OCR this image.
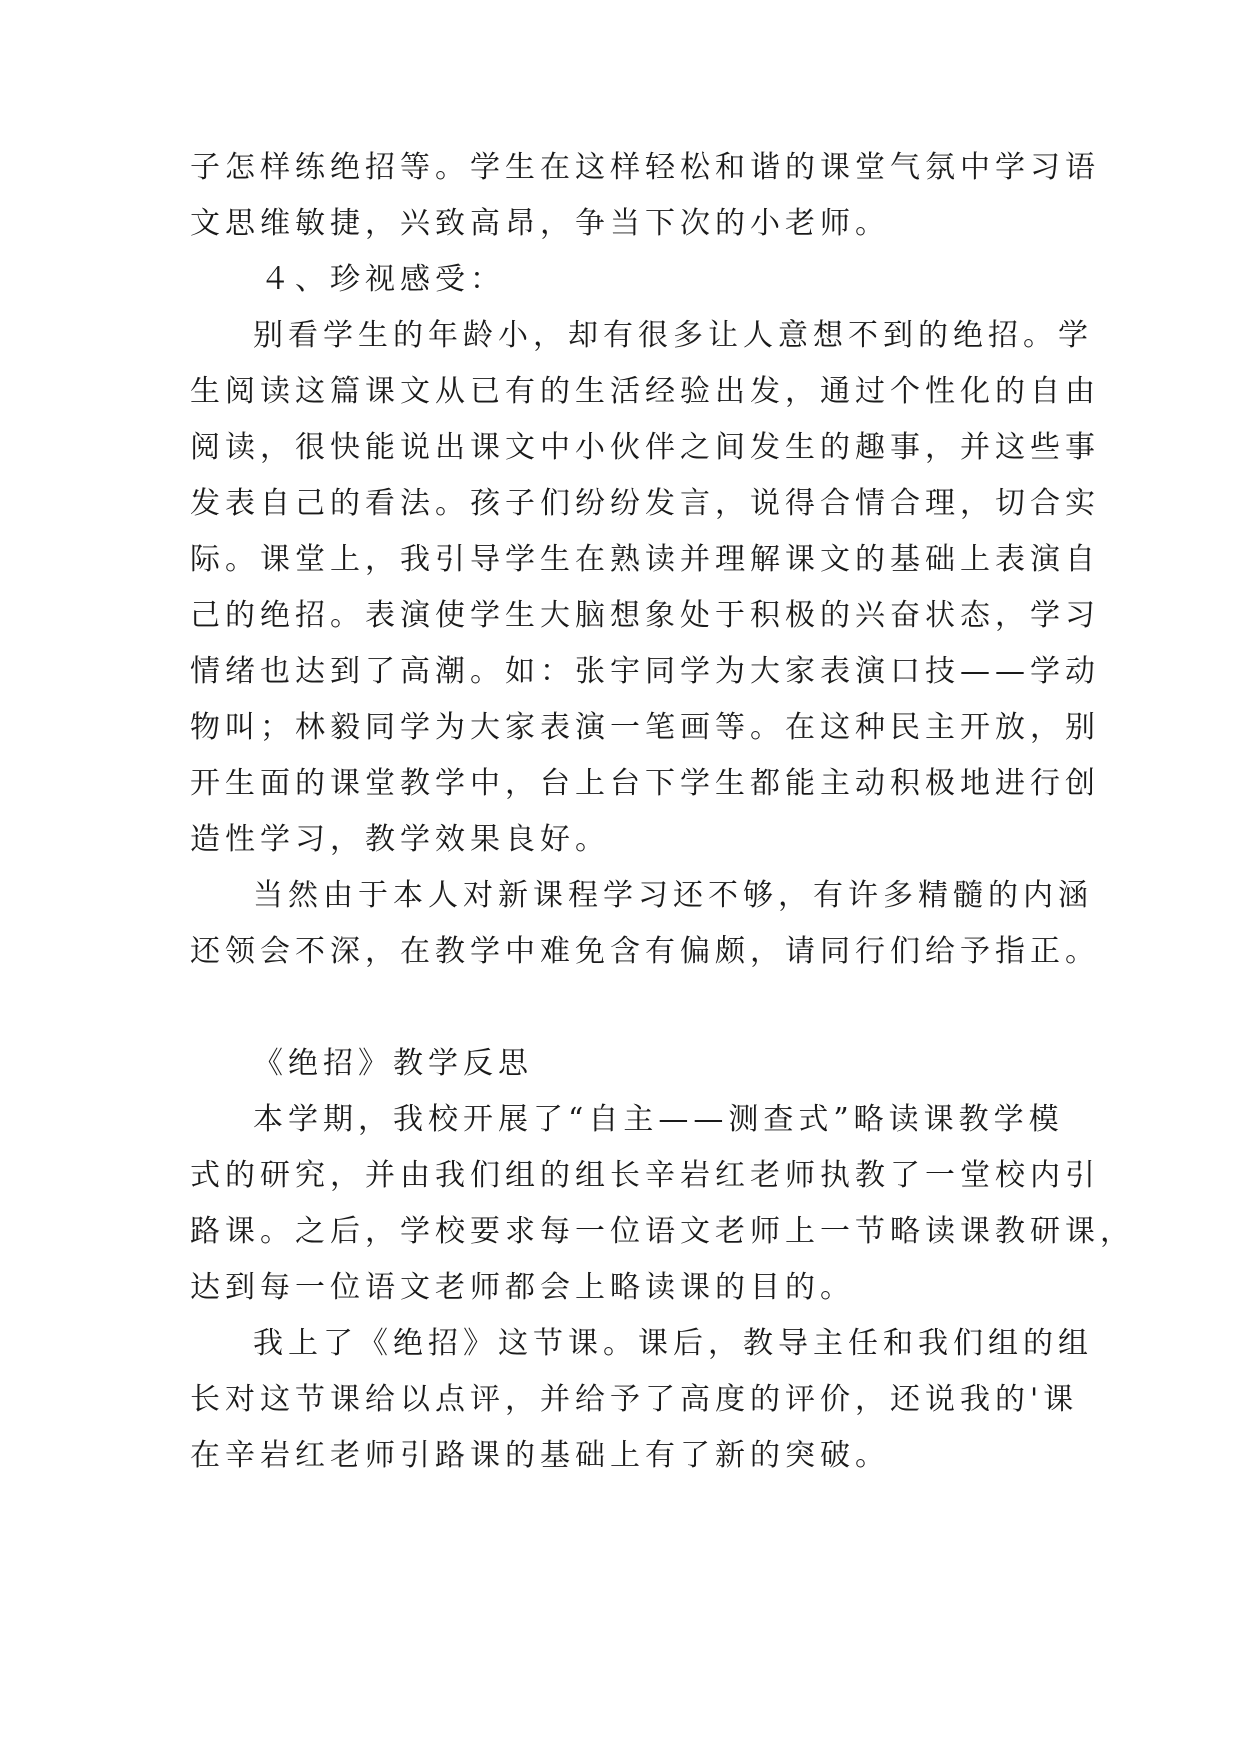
子怎样练绝招等。学生在这样轻松和谐的课堂气氛中学习语
文思维敏捷，兴致高昂，争当下次的小老师。
４、珍视感受：
别看学生的年龄小，却有很多让人意想不到的绝招。学
生阅读这篇课文从已有的生活经验出发，通过个性化的自由
阅读，很快能说出课文中小伙伴之间发生的趣事，并这些事
发表自己的看法。孩子们纷纷发言，说得合情合理，切合实
际。课堂上，我引导学生在熟读并理解课文的基础上表演自
己的绝招。表演使学生大脑想象处于积极的兴奋状态，学习
情绪也达到了高潮。如：张宇同学为大家表演口技——学动
物叫；林毅同学为大家表演一笔画等。在这种民主开放，别
开生面的课堂教学中，台上台下学生都能主动积极地进行创
造性学习，教学效果良好。
当然由于本人对新课程学习还不够，有许多精髓的内涵
还领会不深，在教学中难免含有偏颇，请同行们给予指正。
《绝招》教学反思
本学期，我校开展了“自主——测查式”略读课教学模
式的研究，并由我们组的组长辛岩红老师执教了一堂校内引
路课。之后，学校要求每一位语文老师上一节略读课教研课，
达到每一位语文老师都会上略读课的目的。
我上了《绝招》这节课。课后，教导主任和我们组的组
长对这节课给以点评，并给予了高度的评价，还说我的'课
在辛岩红老师引路课的基础上有了新的突破。
